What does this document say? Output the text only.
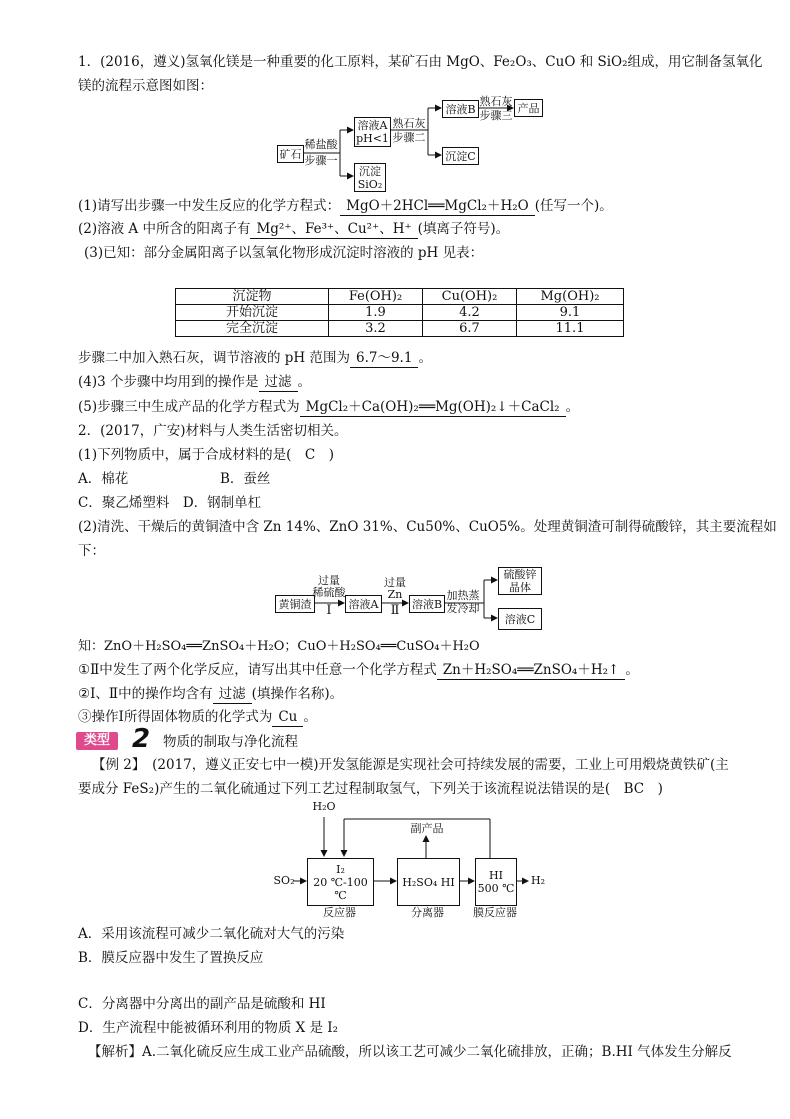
1．(2016，遵义)氢氧化镁是一种重要的化工原料，某矿石由 MgO、Fe₂O₃、CuO 和 SiO₂组成，用它制备氢氧化
镁的流程示意图如图：
矿石
稀盐酸
步骤一
溶液A
pH<1
沉淀
SiO₂
熟石灰
步骤二
溶液B
熟石灰
步骤三
产品
沉淀C
(1)请写出步骤一中发生反应的化学方程式： MgO＋2HCl══MgCl₂＋H₂O (任写一个)。
(2)溶液 A 中所含的阳离子有 Mg²⁺、Fe³⁺、Cu²⁺、H⁺ (填离子符号)。
(3)已知：部分金属阳离子以氢氧化物形成沉淀时溶液的 pH 见表：
沉淀物	Fe(OH)₂	Cu(OH)₂	Mg(OH)₂
开始沉淀	1.9	4.2	9.1
完全沉淀	3.2	6.7	11.1
步骤二中加入熟石灰，调节溶液的 pH 范围为 6.7～9.1 。
(4)3 个步骤中均用到的操作是 过滤 。
(5)步骤三中生成产品的化学方程式为 MgCl₂＋Ca(OH)₂══Mg(OH)₂↓＋CaCl₂ 。
2．(2017，广安)材料与人类生活密切相关。
(1)下列物质中，属于合成材料的是(　C　)
A．棉花	B．蚕丝
C．聚乙烯塑料　D．钢制单杠
(2)清洗、干燥后的黄铜渣中含 Zn 14%、ZnO 31%、Cu50%、CuO5%。处理黄铜渣可制得硫酸锌，其主要流程如
下：
黄铜渣
过量
稀硫酸
Ⅰ	溶液A
过量
Zn
Ⅱ	溶液B
加热蒸
发冷却
硫酸锌
晶体
溶液C
知：ZnO＋H₂SO₄══ZnSO₄＋H₂O；CuO＋H₂SO₄══CuSO₄＋H₂O
①Ⅱ中发生了两个化学反应，请写出其中任意一个化学方程式 Zn＋H₂SO₄══ZnSO₄＋H₂↑ 。
②Ⅰ、Ⅱ中的操作均含有 过滤 (填操作名称)。
③操作Ⅰ所得固体物质的化学式为 Cu 。
类型 2 物质的制取与净化流程
【例 2】　(2017，遵义正安七中一模)开发氢能源是实现社会可持续发展的需要，工业上可用煅烧黄铁矿(主
要成分 FeS₂)产生的二氧化硫通过下列工艺过程制取氢气，下列关于该流程说法错误的是(　BC　)
H₂O
副产品
SO₂
I₂
20 ℃-100 ℃
H₂SO₄ HI	HI
500 ℃
H₂
反应器	分离器	膜反应器
A．采用该流程可减少二氧化硫对大气的污染
B．膜反应器中发生了置换反应
C．分离器中分离出的副产品是硫酸和 HI
D．生产流程中能被循环利用的物质 X 是 I₂
【解析】A.二氧化硫反应生成工业产品硫酸，所以该工艺可减少二氧化硫排放，正确；B.HI 气体发生分解反
